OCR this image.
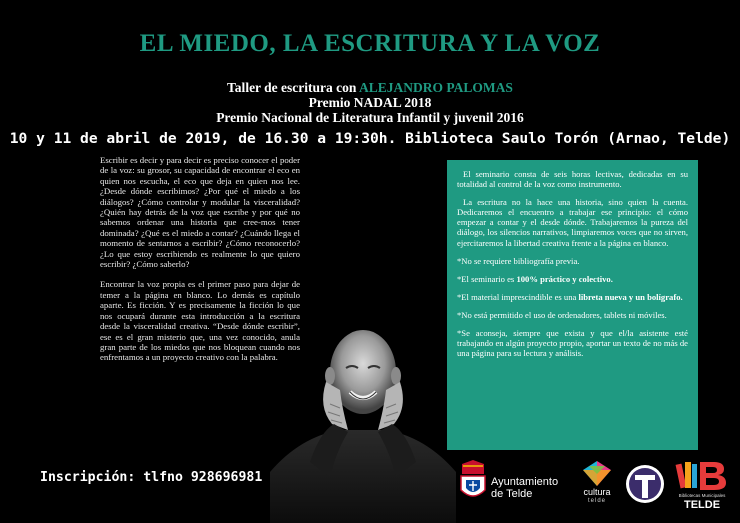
EL MIEDO, LA ESCRITURA Y LA VOZ
Taller de escritura con ALEJANDRO PALOMAS
Premio NADAL 2018
Premio Nacional de Literatura Infantil y juvenil 2016
10 y 11 de abril de 2019, de 16.30 a 19:30h. Biblioteca Saulo Torón (Arnao, Telde)

Escribir es decir y para decir es preciso conocer el poder de la voz: su grosor, su capacidad de encontrar el eco en quien nos escucha, el eco que deja en quien nos lee. ¿Desde dónde escribimos? ¿Por qué el miedo a los diálogos? ¿Cómo controlar y modular la visceralidad? ¿Quién hay detrás de la voz que escribe y por qué no sabemos ordenar una historia que cree-mos tener dominada? ¿Qué es el miedo a contar? ¿Cuándo llega el momento de sentarnos a escribir? ¿Cómo reconocerlo? ¿Lo que estoy escribiendo es realmente lo que quiero escribir? ¿Cómo saberlo?

Encontrar la voz propia es el primer paso para dejar de temer a la página en blanco. Lo demás es capítulo aparte. Es ficción. Y es precisamente la ficción lo que nos ocupará durante esta introducción a la escritura desde la visceralidad creativa. “Desde dónde escribir”, ese es el gran misterio que, una vez conocido, anula gran parte de los miedos que nos bloquean cuando nos enfrentamos a un proyecto creativo con la palabra.

El seminario consta de seis horas lectivas, dedicadas en su totalidad al control de la voz como instrumento.

La escritura no la hace una historia, sino quien la cuenta. Dedicaremos el encuentro a trabajar ese principio: el cómo empezar a contar y el desde dónde. Trabajaremos la pureza del diálogo, los silencios narrativos, limpiaremos voces que no sirven, ejercitaremos la libertad creativa frente a la página en blanco.

*No se requiere bibliografía previa.

*El seminario es 100% práctico y colectivo.

*El material imprescindible es una libreta nueva y un bolígrafo.

*No está permitido el uso de ordenadores, tablets ni móviles.

*Se aconseja, siempre que exista y que el/la asistente esté trabajando en algún proyecto propio, aportar un texto de no más de una página para su lectura y análisis.

Inscripción: tlfno 928696981	Ayuntamiento
de Telde	cultura
telde
Bibliotecas Municipales
TELDE
